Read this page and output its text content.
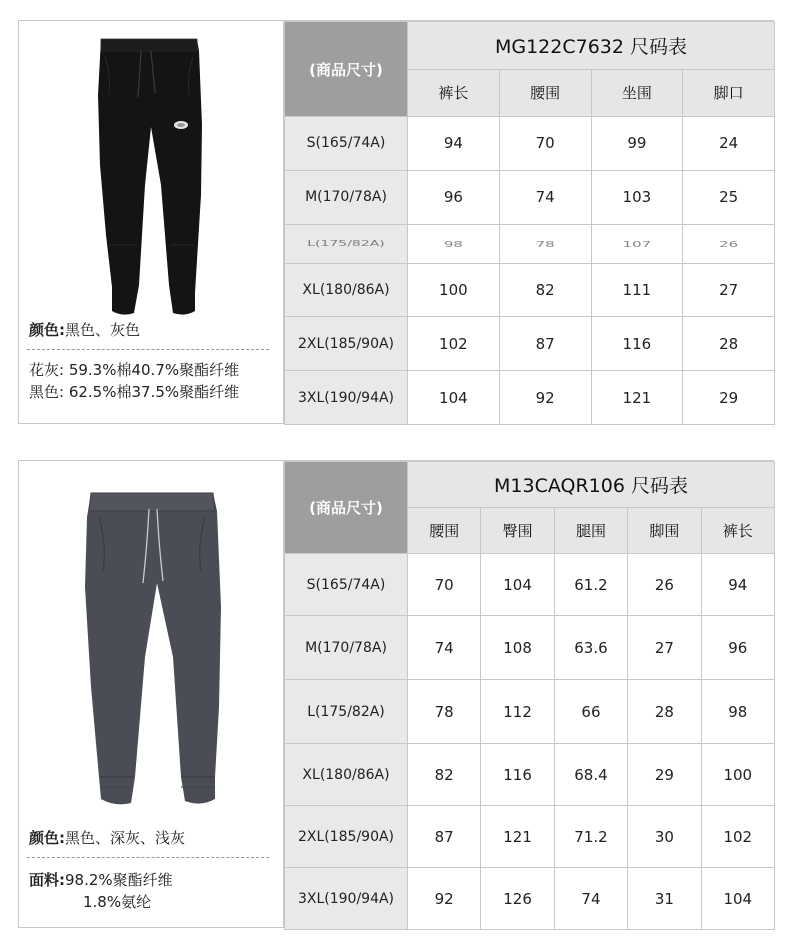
颜色:黑色、灰色
花灰: 59.3%棉40.7%聚酯纤维
黑色: 62.5%棉37.5%聚酯纤维
(商品尺寸)	MG122C7632 尺码表			
	裤长	腰围	坐围	脚口
S(165/74A)	94	70	99	24
M(170/78A)	96	74	103	25
L(175/82A)	98	78	107	26
XL(180/86A)	100	82	111	27
2XL(185/90A)	102	87	116	28
3XL(190/94A)	104	92	121	29
颜色:黑色、深灰、浅灰
面料:98.2%聚酯纤维
1.8%氨纶
(商品尺寸)	M13CAQR106 尺码表				
	腰围	臀围	腿围	脚围	裤长
S(165/74A)	70	104	61.2	26	94
M(170/78A)	74	108	63.6	27	96
L(175/82A)	78	112	66	28	98
XL(180/86A)	82	116	68.4	29	100
2XL(185/90A)	87	121	71.2	30	102
3XL(190/94A)	92	126	74	31	104
